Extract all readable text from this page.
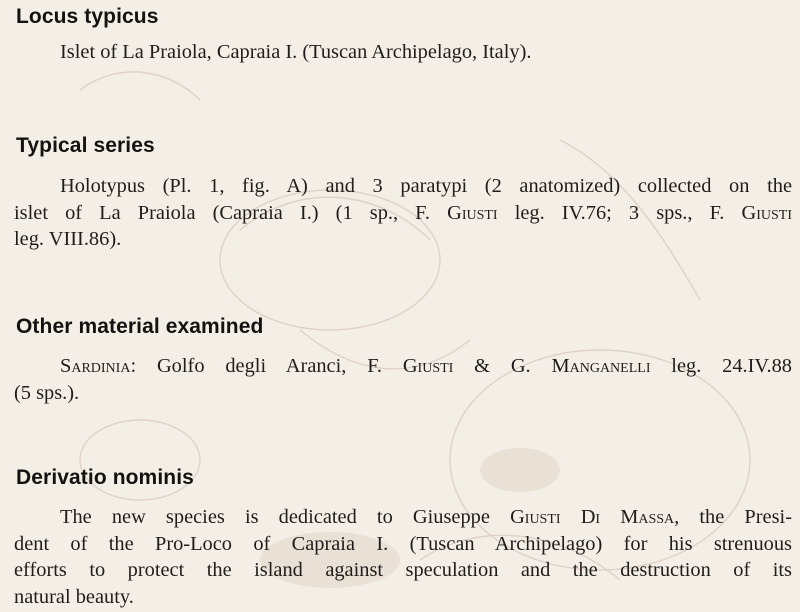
Locus typicus

Islet of La Praiola, Capraia I. (Tuscan Archipelago, Italy).

Typical series

Holotypus (Pl. 1, fig. A) and 3 paratypi (2 anatomized) collected on the
islet of La Praiola (Capraia I.) (1 sp., F. Giusti leg. IV.76; 3 sps., F. Giusti
leg. VIII.86).

Other material examined

Sardinia: Golfo degli Aranci, F. Giusti & G. Manganelli leg. 24.IV.88
(5 sps.).

Derivatio nominis

The new species is dedicated to Giuseppe Giusti Di Massa, the Presi-
dent of the Pro-Loco of Capraia I. (Tuscan Archipelago) for his strenuous
efforts to protect the island against speculation and the destruction of its
natural beauty.
